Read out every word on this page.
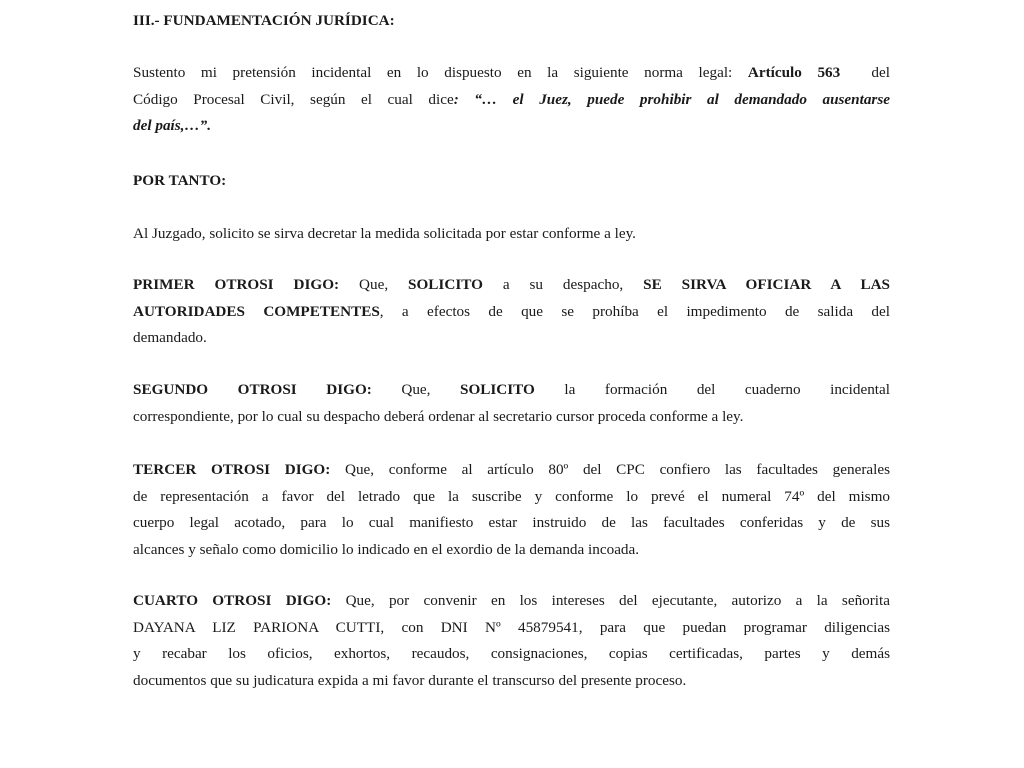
III.- FUNDAMENTACIÓN JURÍDICA:
Sustento mi pretensión incidental en lo dispuesto en la siguiente norma legal: Artículo 563  del
Código Procesal Civil, según el cual dice: “… el Juez, puede prohibir al demandado ausentarse
del país,…”.
POR TANTO:
Al Juzgado, solicito se sirva decretar la medida solicitada por estar conforme a ley.
PRIMER OTROSI DIGO: Que, SOLICITO a su despacho, SE SIRVA OFICIAR A LAS
AUTORIDADES COMPETENTES, a efectos de que se prohíba el impedimento de salida del
demandado.
SEGUNDO OTROSI DIGO: Que, SOLICITO la formación del cuaderno incidental
correspondiente, por lo cual su despacho deberá ordenar al secretario cursor proceda conforme a ley.
TERCER OTROSI DIGO: Que, conforme al artículo 80º del CPC confiero las facultades generales
de representación a favor del letrado que la suscribe y conforme lo prevé el numeral 74º del mismo
cuerpo legal acotado, para lo cual manifiesto estar instruido de las facultades conferidas y de sus
alcances y señalo como domicilio lo indicado en el exordio de la demanda incoada.
CUARTO OTROSI DIGO: Que, por convenir en los intereses del ejecutante, autorizo a la señorita
DAYANA LIZ PARIONA CUTTI, con DNI Nº 45879541, para que puedan programar diligencias
y recabar los oficios, exhortos, recaudos, consignaciones, copias certificadas, partes y demás
documentos que su judicatura expida a mi favor durante el transcurso del presente proceso.
